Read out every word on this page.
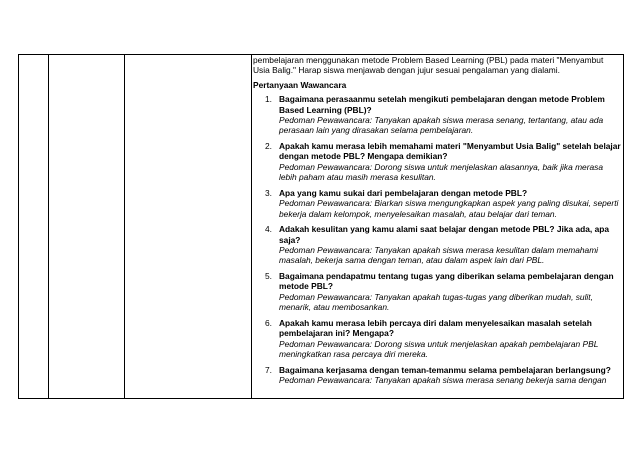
pembelajaran menggunakan metode Problem Based Learning (PBL) pada materi "Menyambut Usia Balig." Harap siswa menjawab dengan jujur sesuai pengalaman yang dialami.

Pertanyaan Wawancara

1. Bagaimana perasaanmu setelah mengikuti pembelajaran dengan metode Problem Based Learning (PBL)?
Pedoman Pewawancara: Tanyakan apakah siswa merasa senang, tertantang, atau ada perasaan lain yang dirasakan selama pembelajaran.
2. Apakah kamu merasa lebih memahami materi "Menyambut Usia Balig" setelah belajar dengan metode PBL? Mengapa demikian?
Pedoman Pewawancara: Dorong siswa untuk menjelaskan alasannya, baik jika merasa lebih paham atau masih merasa kesulitan.
3. Apa yang kamu sukai dari pembelajaran dengan metode PBL?
Pedoman Pewawancara: Biarkan siswa mengungkapkan aspek yang paling disukai, seperti bekerja dalam kelompok, menyelesaikan masalah, atau belajar dari teman.
4. Adakah kesulitan yang kamu alami saat belajar dengan metode PBL? Jika ada, apa saja?
Pedoman Pewawancara: Tanyakan apakah siswa merasa kesulitan dalam memahami masalah, bekerja sama dengan teman, atau dalam aspek lain dari PBL.
5. Bagaimana pendapatmu tentang tugas yang diberikan selama pembelajaran dengan metode PBL?
Pedoman Pewawancara: Tanyakan apakah tugas-tugas yang diberikan mudah, sulit, menarik, atau membosankan.
6. Apakah kamu merasa lebih percaya diri dalam menyelesaikan masalah setelah pembelajaran ini? Mengapa?
Pedoman Pewawancara: Dorong siswa untuk menjelaskan apakah pembelajaran PBL meningkatkan rasa percaya diri mereka.
7. Bagaimana kerjasama dengan teman-temanmu selama pembelajaran berlangsung?
Pedoman Pewawancara: Tanyakan apakah siswa merasa senang bekerja sama dengan
